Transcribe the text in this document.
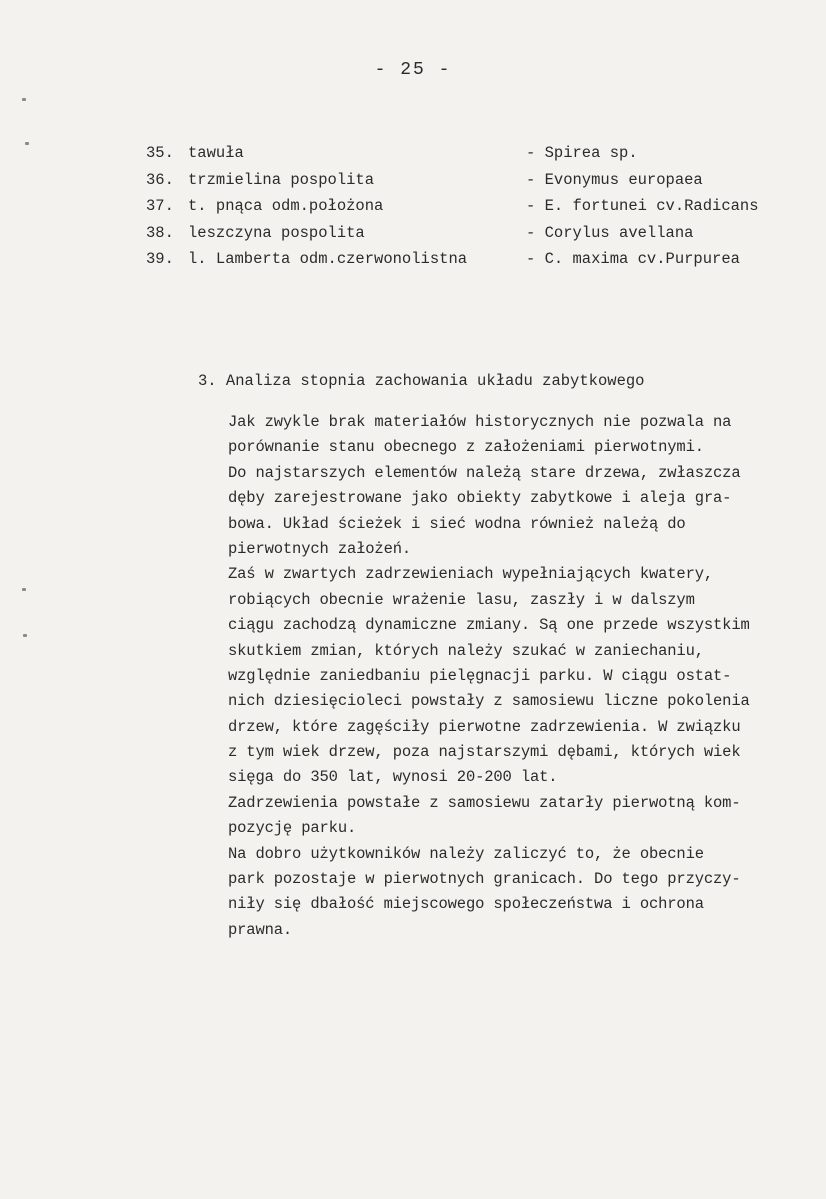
- 25 -
35. tawuła	- Spirea sp.
36. trzmielina pospolita	- Evonymus europaea
37. t. pnąca odm.położona	- E. fortunei cv.Radicans
38. leszczyna pospolita	- Corylus avellana
39. l. Lamberta odm.czerwonolistna	- C. maxima cv.Purpurea
3. Analiza stopnia zachowania układu zabytkowego
Jak zwykle brak materiałów historycznych nie pozwala na
porównanie stanu obecnego z założeniami pierwotnymi.
Do najstarszych elementów należą stare drzewa, zwłaszcza
dęby zarejestrowane jako obiekty zabytkowe i aleja gra-
bowa. Układ ścieżek i sieć wodna również należą do
pierwotnych założeń.
Zaś w zwartych zadrzewieniach wypełniających kwatery,
robiących obecnie wrażenie lasu, zaszły i w dalszym
ciągu zachodzą dynamiczne zmiany. Są one przede wszystkim
skutkiem zmian, których należy szukać w zaniechaniu,
względnie zaniedbaniu pielęgnacji parku. W ciągu ostat-
nich dziesięcioleci powstały z samosiewu liczne pokolenia
drzew, które zagęściły pierwotne zadrzewienia. W związku
z tym wiek drzew, poza najstarszymi dębami, których wiek
sięga do 350 lat, wynosi 20-200 lat.
Zadrzewienia powstałe z samosiewu zatarły pierwotną kom-
pozycję parku.
Na dobro użytkowników należy zaliczyć to, że obecnie
park pozostaje w pierwotnych granicach. Do tego przyczy-
niły się dbałość miejscowego społeczeństwa i ochrona
prawna.
